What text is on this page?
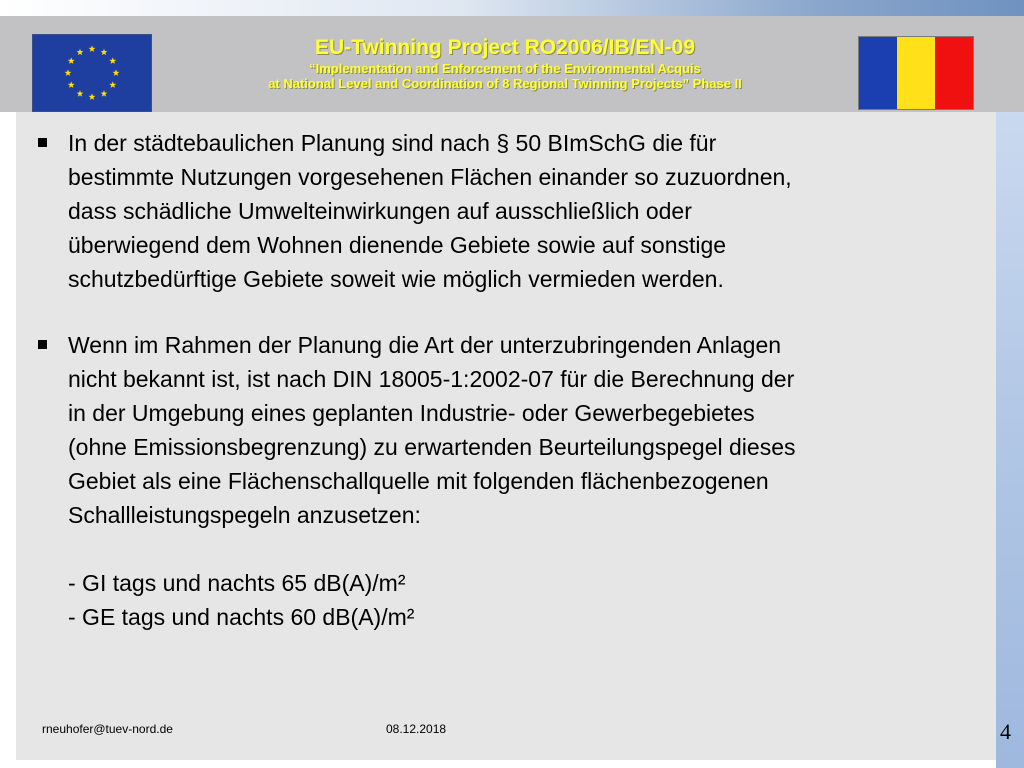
EU-Twinning Project RO2006/IB/EN-09
“Implementation and Enforcement of the Environmental Acquis
at National Level and Coordination of 8 Regional Twinning Projects” Phase II
In der städtebaulichen Planung sind nach § 50 BImSchG die für
bestimmte Nutzungen vorgesehenen Flächen einander so zuzuordnen,
dass schädliche Umwelteinwirkungen auf ausschließlich oder
überwiegend dem Wohnen dienende Gebiete sowie auf sonstige
schutzbedürftige Gebiete soweit wie möglich vermieden werden.
Wenn im Rahmen der Planung die Art der unterzubringenden Anlagen
nicht bekannt ist, ist nach DIN 18005-1:2002-07 für die Berechnung der
in der Umgebung eines geplanten Industrie- oder Gewerbegebietes
(ohne Emissionsbegrenzung) zu erwartenden Beurteilungspegel dieses
Gebiet als eine Flächenschallquelle mit folgenden flächenbezogenen
Schallleistungspegeln anzusetzen:
- GI tags und nachts 65 dB(A)/m²
- GE tags und nachts 60 dB(A)/m²
rneuhofer@tuev-nord.de	08.12.2018	4
